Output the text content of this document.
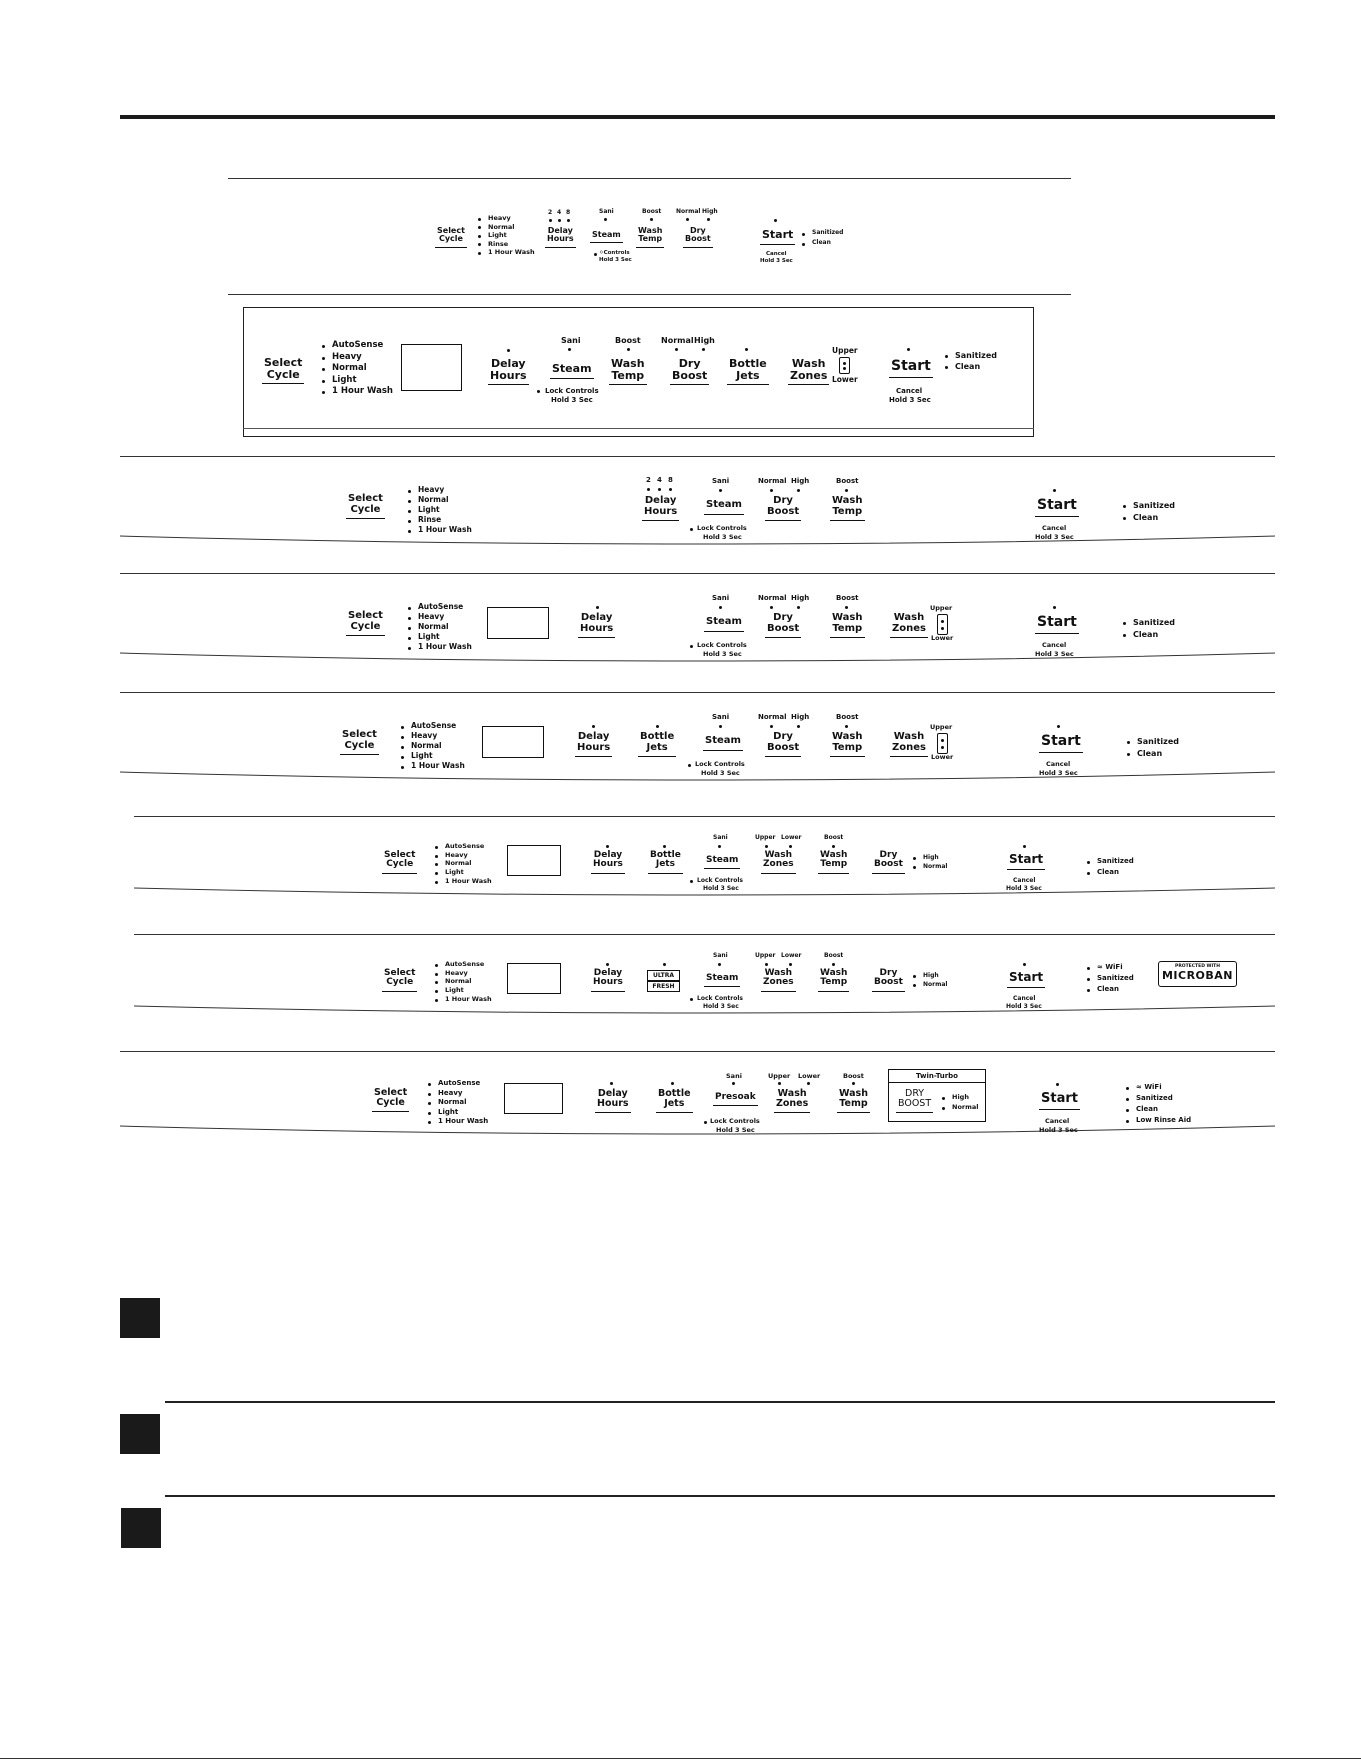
Select
Cycle
Heavy
Normal
Light
Rinse
1 Hour Wash
2 4 8
Delay
Hours
Sani
Steam
⚪Controls
Hold 3 Sec
Boost
Wash
Temp
Normal High
Dry
Boost	Start
Cancel
Hold 3 Sec
Sanitized
Clean
Select
Cycle
AutoSense
Heavy
Normal
Light
1 Hour Wash
Delay
Hours
Sani
Steam
Lock Controls
Hold 3 Sec
Boost
Wash
Temp
Normal High
Dry
Boost
Bottle
Jets
Wash
Zones
Upper
Lower
Start
Cancel
Hold 3 Sec
Sanitized
Clean
Select
Cycle
Heavy
Normal
Light
Rinse
1 Hour Wash
2 4 8
Delay
Hours
Sani
Steam
Lock Controls
Hold 3 Sec
Normal High
Dry
Boost
Boost
Wash
Temp	Start
Cancel
Hold 3 Sec
Sanitized
Clean
Select
Cycle
AutoSense
Heavy
Normal
Light
1 Hour Wash
Delay
Hours
Sani
Steam
Lock Controls
Hold 3 Sec
Normal High
Dry
Boost
Boost
Wash
Temp
Wash
Zones
Upper
Lower
Start
Cancel
Hold 3 Sec
Sanitized
Clean
Select
Cycle
AutoSense
Heavy
Normal
Light
1 Hour Wash
Delay
Hours
Bottle
Jets
Sani
Steam
Lock Controls
Hold 3 Sec
Normal High
Dry
Boost
Boost
Wash
Temp
Wash
Zones
Upper
Lower
Start
Cancel
Hold 3 Sec
Sanitized
Clean
Select
Cycle
AutoSense
Heavy
Normal
Light
1 Hour Wash
Delay
Hours
Bottle
Jets
Sani
Steam
Lock Controls
Hold 3 Sec
Upper Lower
Wash
Zones
Boost
Wash
Temp
Dry
Boost
High
Normal
Start
Cancel
Hold 3 Sec
Sanitized
Clean
Select
Cycle
AutoSense
Heavy
Normal
Light
1 Hour Wash
Delay
Hours
ULTRA
FRESH
Sani
Steam
Lock Controls
Hold 3 Sec
Upper Lower
Wash
Zones
Boost
Wash
Temp
Dry
Boost
High
Normal
Start
Cancel
Hold 3 Sec
≈ WiFi
Sanitized
Clean
PROTECTED WITH
MICROBAN
Select
Cycle
AutoSense
Heavy
Normal
Light
1 Hour Wash
Delay
Hours
Bottle
Jets
Sani
Presoak
Lock Controls
Hold 3 Sec
Upper Lower
Wash
Zones
Boost
Wash
Temp
Twin-Turbo
DRY
BOOST
High
Normal
Start
Cancel
Hold 3 Sec
≈ WiFi
Sanitized
Clean
Low Rinse Aid
